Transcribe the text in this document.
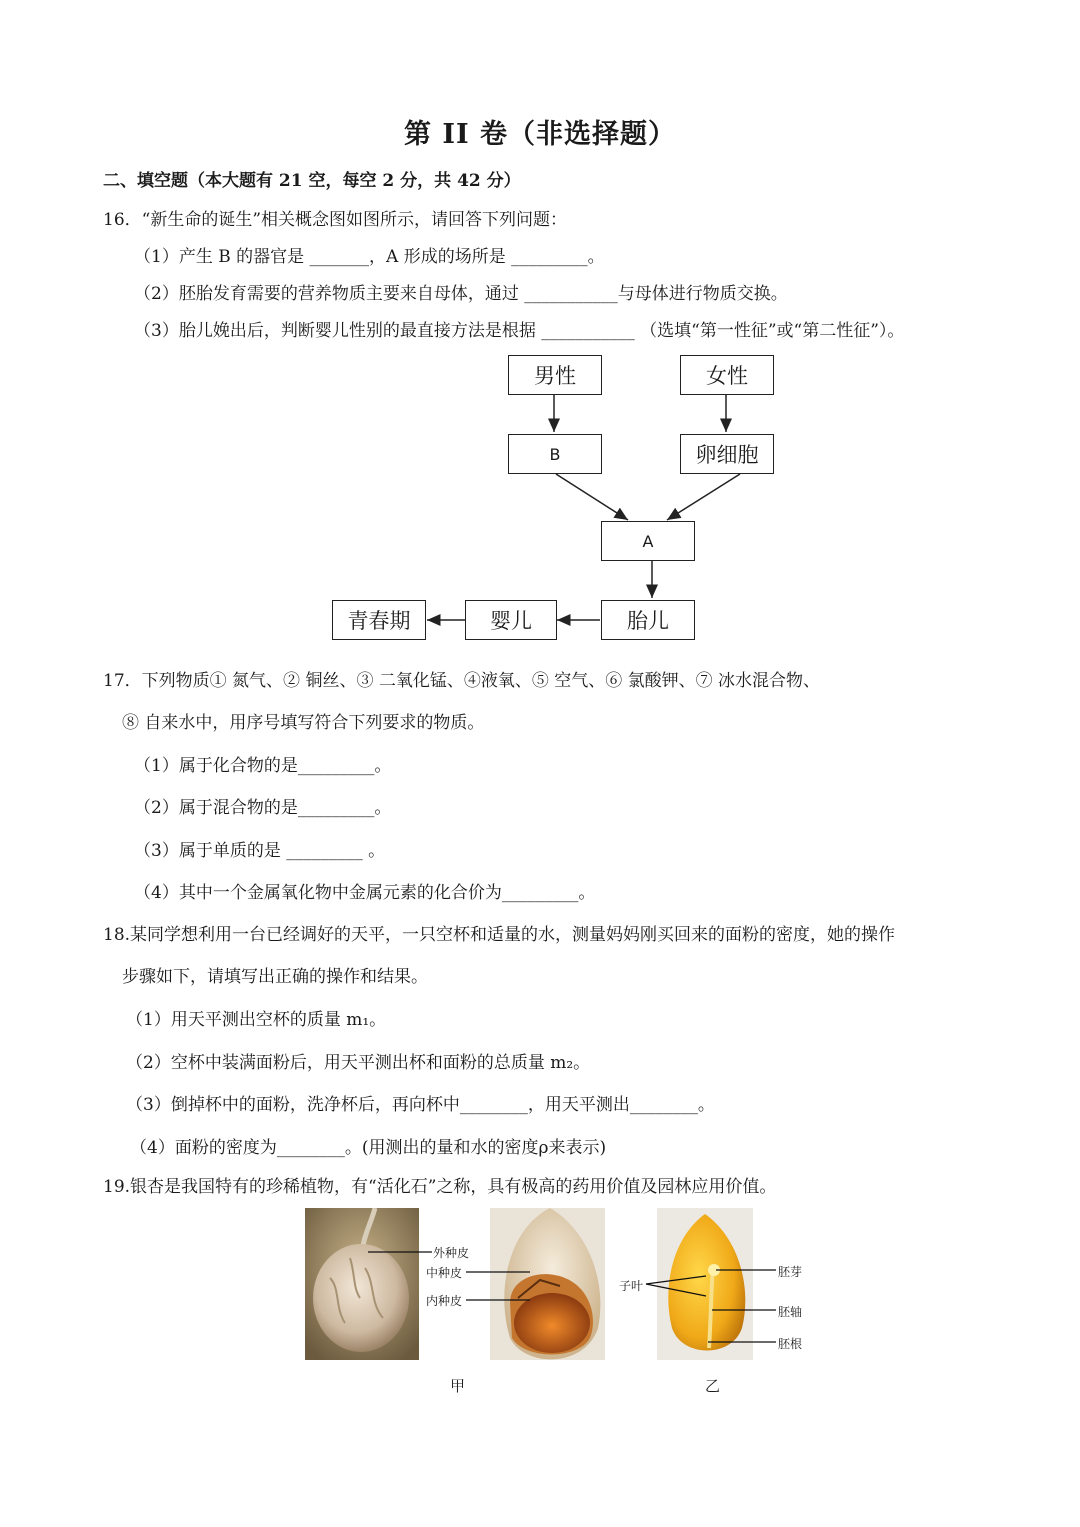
第 II 卷（非选择题）
二、填空题（本大题有 21 空，每空 2 分，共 42 分）
16．“新生命的诞生”相关概念图如图所示，请回答下列问题：
（1）产生 B 的器官是 _______，A 形成的场所是 _________。
（2）胚胎发育需要的营养物质主要来自母体，通过 ___________与母体进行物质交换。
（3）胎儿娩出后，判断婴儿性别的最直接方法是根据 ___________ （选填“第一性征”或“第二性征”）。
男性	女性
B	卵细胞
A
胎儿
婴儿
青春期
17．下列物质① 氮气、② 铜丝、③ 二氧化锰、④液氧、⑤ 空气、⑥ 氯酸钾、⑦ 冰水混合物、
⑧ 自来水中，用序号填写符合下列要求的物质。
（1）属于化合物的是_________。
（2）属于混合物的是_________。
（3）属于单质的是 _________ 。
（4）其中一个金属氧化物中金属元素的化合价为_________。
18.某同学想利用一台已经调好的天平，一只空杯和适量的水，测量妈妈刚买回来的面粉的密度，她的操作
步骤如下，请填写出正确的操作和结果。
（1）用天平测出空杯的质量 m₁。
（2）空杯中装满面粉后，用天平测出杯和面粉的总质量 m₂。
（3）倒掉杯中的面粉，洗净杯后，再向杯中________，用天平测出________。
（4）面粉的密度为________。(用测出的量和水的密度ρ来表示)
19.银杏是我国特有的珍稀植物，有“活化石”之称，具有极高的药用价值及园林应用价值。
外种皮
中种皮
内种皮
子叶
胚芽
胚轴
胚根
甲	乙
